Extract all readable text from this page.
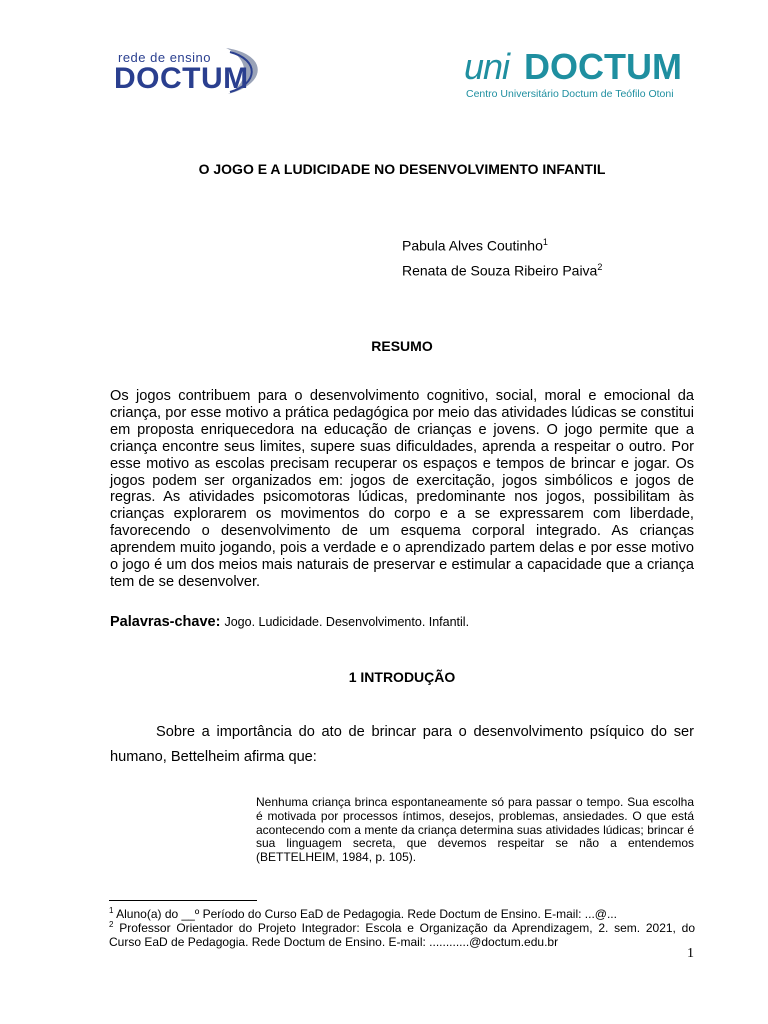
rede de ensino
DOCTUM	uni DOCTUM
Centro Universitário Doctum de Teófilo Otoni
O JOGO E A LUDICIDADE NO DESENVOLVIMENTO INFANTIL
Pabula Alves Coutinho$^1$
Renata de Souza Ribeiro Paiva$^2$
RESUMO
Os jogos contribuem para o desenvolvimento cognitivo, social, moral e emocional da criança, por esse motivo a prática pedagógica por meio das atividades lúdicas se constitui em proposta enriquecedora na educação de crianças e jovens. O jogo permite que a criança encontre seus limites, supere suas dificuldades, aprenda a respeitar o outro. Por esse motivo as escolas precisam recuperar os espaços e tempos de brincar e jogar. Os jogos podem ser organizados em: jogos de exercitação, jogos simbólicos e jogos de regras. As atividades psicomotoras lúdicas, predominante nos jogos, possibilitam às crianças explorarem os movimentos do corpo e a se expressarem com liberdade, favorecendo o desenvolvimento de um esquema corporal integrado. As crianças aprendem muito jogando, pois a verdade e o aprendizado partem delas e por esse motivo o jogo é um dos meios mais naturais de preservar e estimular a capacidade que a criança tem de se desenvolver.
Palavras-chave: Jogo. Ludicidade. Desenvolvimento. Infantil.
1 INTRODUÇÃO
Sobre a importância do ato de brincar para o desenvolvimento psíquico do ser humano, Bettelheim afirma que:
Nenhuma criança brinca espontaneamente só para passar o tempo. Sua escolha é motivada por processos íntimos, desejos, problemas, ansiedades. O que está acontecendo com a mente da criança determina suas atividades lúdicas; brincar é sua linguagem secreta, que devemos respeitar se não a entendemos (BETTELHEIM, 1984, p. 105).
$^1$ Aluno(a) do __º Período do Curso EaD de Pedagogia. Rede Doctum de Ensino. E-mail: ...@...
$^2$ Professor Orientador do Projeto Integrador: Escola e Organização da Aprendizagem, 2. sem. 2021, do Curso EaD de Pedagogia. Rede Doctum de Ensino. E-mail: ............@doctum.edu.br
1
